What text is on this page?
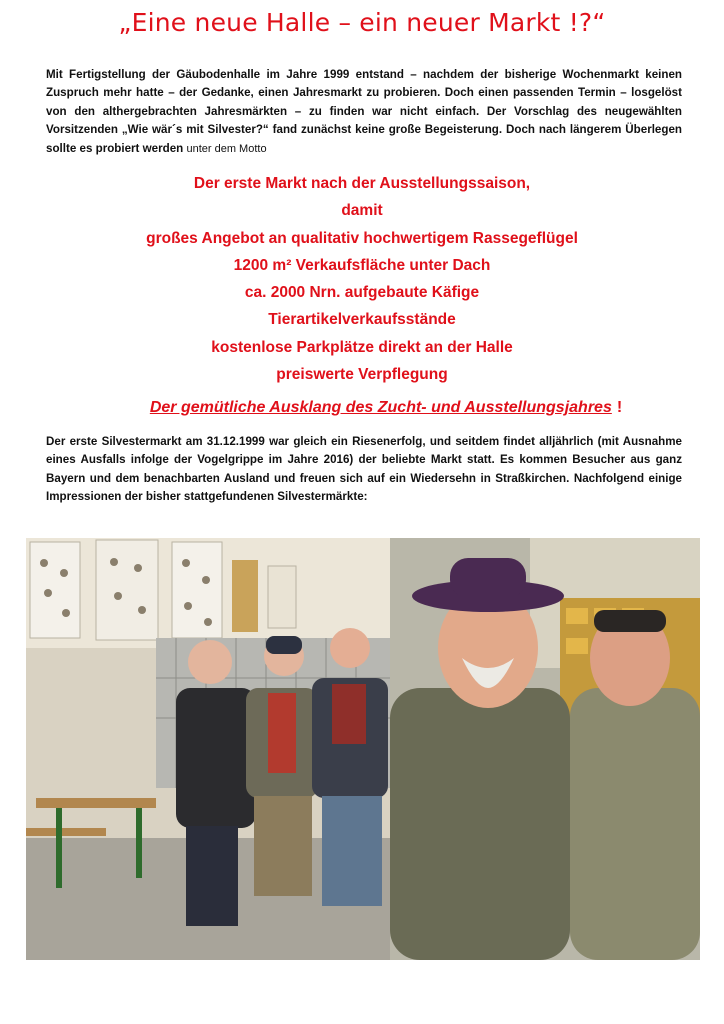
„Eine neue Halle – ein neuer Markt !?“
Mit Fertigstellung der Gäubodenhalle im Jahre 1999 entstand – nachdem der bisherige Wochenmarkt keinen Zuspruch mehr hatte – der Gedanke, einen Jahresmarkt zu probieren. Doch einen passenden Termin – losgelöst von den althergebrachten Jahresmärkten – zu finden war nicht einfach. Der Vorschlag des neugewählten Vorsitzenden „Wie wär´s mit Silvester?“ fand zunächst keine große Begeisterung. Doch nach längerem Überlegen sollte es probiert werden unter dem Motto
Der erste Markt nach der Ausstellungssaison,
damit
großes Angebot an qualitativ hochwertigem Rassegeflügel
1200 m² Verkaufsfläche unter Dach
ca. 2000 Nrn. aufgebaute Käfige
Tierartikelverkaufsstände
kostenlose Parkplätze direkt an der Halle
preiswerte Verpflegung
Der gemütliche Ausklang des Zucht- und Ausstellungsjahres !
Der erste Silvestermarkt am 31.12.1999 war gleich ein Riesenerfolg, und seitdem findet alljährlich (mit Ausnahme eines Ausfalls infolge der Vogelgrippe im Jahre 2016) der beliebte Markt statt. Es kommen Besucher aus ganz Bayern und dem benachbarten Ausland und freuen sich auf ein Wiedersehn in Straßkirchen. Nachfolgend einige Impressionen der bisher stattgefundenen Silvestermärkte:
